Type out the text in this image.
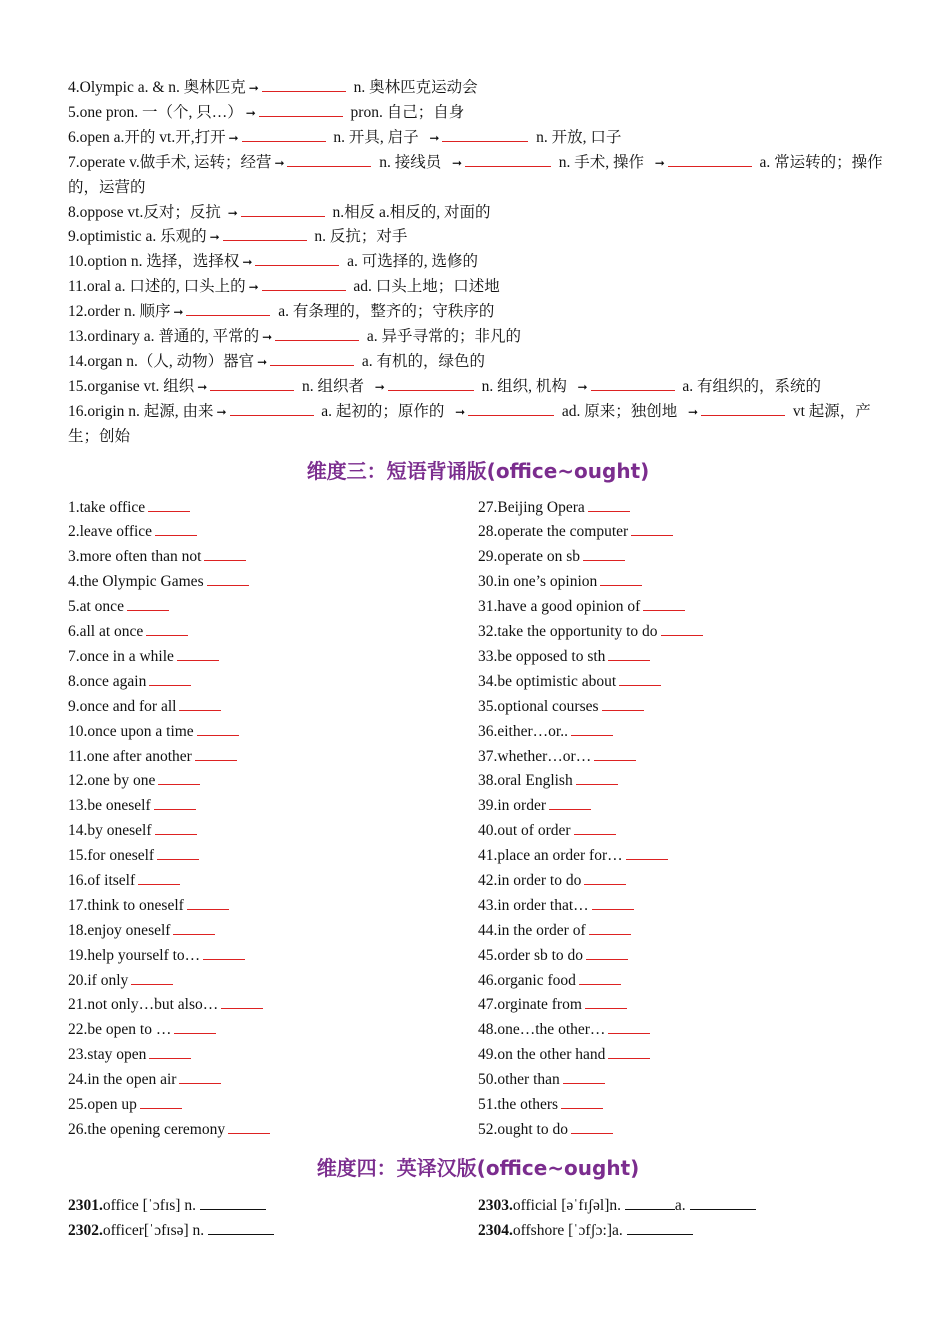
4.Olympic a. & n. 奥林匹克 ➞ 	n. 奥林匹克运动会
5.one pron. 一（个, 只…） ➞ 	pron. 自己；自身
6.open a.开的 vt.开,打开 ➞ 	n. 开具, 启子  ➞ 	n. 开放, 口子
7.operate v.做手术, 运转；经营 ➞ 	n. 接线员  ➞ 	n. 手术, 操作  ➞ 	a. 常运转的；操作的，运营的
8.oppose vt.反对；反抗 ➞ 	n.相反 a.相反的, 对面的
9.optimistic a. 乐观的 ➞ 	n. 反抗；对手
10.option n. 选择，选择权 ➞ 	a. 可选择的, 选修的
11.oral a. 口述的, 口头上的 ➞ 	ad. 口头上地；口述地
12.order n. 顺序 ➞ 	a. 有条理的，整齐的；守秩序的
13.ordinary a. 普通的, 平常的 ➞ 	a. 异乎寻常的；非凡的
14.organ n.（人, 动物）器官 ➞ 	a. 有机的，绿色的
15.organise vt. 组织 ➞ 	n. 组织者  ➞ 	n. 组织, 机构  ➞ 	a. 有组织的，系统的
16.origin n. 起源, 由来 ➞ 	a. 起初的；原作的  ➞ 	ad. 原来；独创地  ➞ 	vt 起源，产生；创始
维度三：短语背诵版(office~ought)
1.take office
2.leave office
3.more often than not
4.the Olympic Games
5.at once
6.all at once
7.once in a while
8.once again
9.once and for all
10.once upon a time
11.one after another
12.one by one
13.be oneself
14.by oneself
15.for oneself
16.of itself
17.think to oneself
18.enjoy oneself
19.help yourself to…
20.if only
21.not only…but also…
22.be open to …
23.stay open
24.in the open air
25.open up
26.the opening ceremony
27.Beijing Opera
28.operate the computer
29.operate on sb
30.in one’s opinion
31.have a good opinion of
32.take the opportunity to do
33.be opposed to sth
34.be optimistic about
35.optional courses
36.either…or..
37.whether…or…
38.oral English
39.in order
40.out of order
41.place an order for…
42.in order to do
43.in order that…
44.in the order of
45.order sb to do
46.organic food
47.orginate from
48.one…the other…
49.on the other hand
50.other than
51.the others
52.ought to do
维度四：英译汉版(office~ought)
2301.office [ˈɔfɪs] n.
2302.officer[ˈɔfɪsə] n.
2303.official [əˈfɪʃəl]n.	a.
2304.offshore [ˈɔfʃɔ:]a.
